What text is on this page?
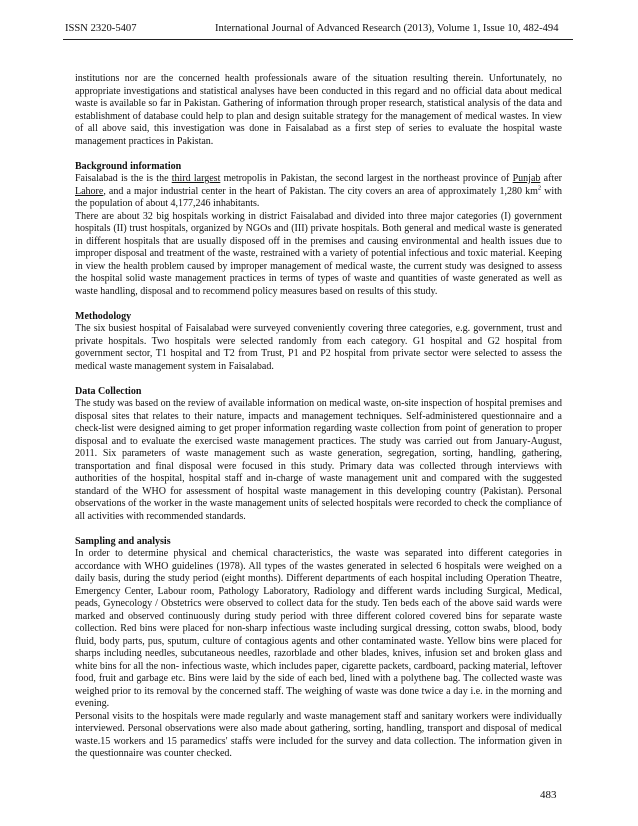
ISSN 2320-5407	International Journal of Advanced Research (2013), Volume 1, Issue 10, 482-494

institutions nor are the concerned health professionals aware of the situation resulting therein. Unfortunately, no appropriate investigations and statistical analyses have been conducted in this regard and no official data about medical waste is available so far in Pakistan. Gathering of information through proper research, statistical analysis of the data and establishment of database could help to plan and design suitable strategy for the management of medical wastes. In view of all above said, this investigation was done in Faisalabad as a first step of series to evaluate the hospital waste management practices in Pakistan.

Background information

Faisalabad is the is the third largest metropolis in Pakistan, the second largest in the northeast province of Punjab after Lahore, and a major industrial center in the heart of Pakistan. The city covers an area of approximately 1,280 $km^2$ with the population of about 4,177,246 inhabitants.

There are about 32 big hospitals working in district Faisalabad and divided into three major categories (I) government hospitals (II) trust hospitals, organized by NGOs and (III) private hospitals. Both general and medical waste is generated in different hospitals that are usually disposed off in the premises and causing environmental and health issues due to improper disposal and treatment of the waste, restrained with a variety of potential infectious and toxic material. Keeping in view the health problem caused by improper management of medical waste, the current study was designed to assess the hospital solid waste management practices in terms of types of waste and quantities of waste generated as well as waste handling, disposal and to recommend policy measures based on results of this study.

Methodology

The six busiest hospital of Faisalabad were surveyed conveniently covering three categories, e.g. government, trust and private hospitals. Two hospitals were selected randomly from each category. G1 hospital and G2 hospital from government sector, T1 hospital and T2 from Trust, P1 and P2 hospital from private sector were selected to assess the medical waste management system in Faisalabad.

Data Collection

The study was based on the review of available information on medical waste, on-site inspection of hospital premises and disposal sites that relates to their nature, impacts and management techniques. Self-administered questionnaire and a check-list were designed aiming to get proper information regarding waste collection from point of generation to proper disposal and to evaluate the exercised waste management practices. The study was carried out from January-August, 2011. Six parameters of waste management such as waste generation, segregation, sorting, handling, gathering, transportation and final disposal were focused in this study. Primary data was collected through interviews with authorities of the hospital, hospital staff and in-charge of waste management unit and compared with the suggested standard of the WHO for assessment of hospital waste management in this developing country (Pakistan). Personal observations of the worker in the waste management units of selected hospitals were recorded to check the compliance of all activities with recommended standards.

Sampling and analysis

In order to determine physical and chemical characteristics, the waste was separated into different categories in accordance with WHO guidelines (1978). All types of the wastes generated in selected 6 hospitals were weighed on a daily basis, during the study period (eight months). Different departments of each hospital including Operation Theatre, Emergency Center, Labour room, Pathology Laboratory, Radiology and different wards including Surgical, Medical, peads, Gynecology / Obstetrics were observed to collect data for the study. Ten beds each of the above said wards were marked and observed continuously during study period with three different colored covered bins for separate waste collection. Red bins were placed for non-sharp infectious waste including surgical dressing, cotton swabs, blood, body fluid, body parts, pus, sputum, culture of contagious agents and other contaminated waste. Yellow bins were placed for sharps including needles, subcutaneous needles, razorblade and other blades, knives, infusion set and broken glass and white bins for all the non- infectious waste, which includes paper, cigarette packets, cardboard, packing material, leftover food, fruit and garbage etc. Bins were laid by the side of each bed, lined with a polythene bag. The collected waste was weighed prior to its removal by the concerned staff. The weighing of waste was done twice a day i.e. in the morning and evening.

Personal visits to the hospitals were made regularly and waste management staff and sanitary workers were individually interviewed. Personal observations were also made about gathering, sorting, handling, transport and disposal of medical waste.15 workers and 15 paramedics' staffs were included for the survey and data collection. The information given in the questionnaire was counter checked.

483
